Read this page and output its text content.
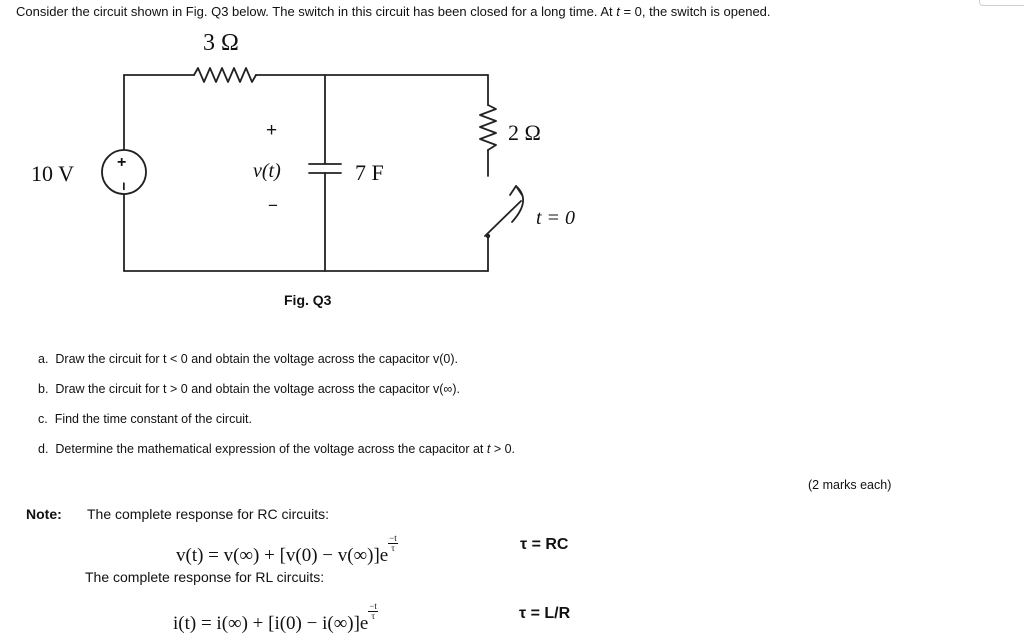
Consider the circuit shown in Fig. Q3 below. The switch in this circuit has been closed for a long time. At t = 0, the switch is opened.
3 Ω
2 Ω
10 V	+
−
+
v(t)
−
7 F
t = 0
Fig. Q3
a. Draw the circuit for t < 0 and obtain the voltage across the capacitor v(0).
b. Draw the circuit for t > 0 and obtain the voltage across the capacitor v(∞).
c. Find the time constant of the circuit.
d. Determine the mathematical expression of the voltage across the capacitor at t > 0.
(2 marks each)
Note: The complete response for RC circuits:
v(t) = v(∞) + [v(0) − v(∞)]e
$\frac{-t}{\tau}$	τ = RC
The complete response for RL circuits:
i(t) = i(∞) + [i(0) − i(∞)]e
$\frac{-t}{\tau}$	τ = L/R
